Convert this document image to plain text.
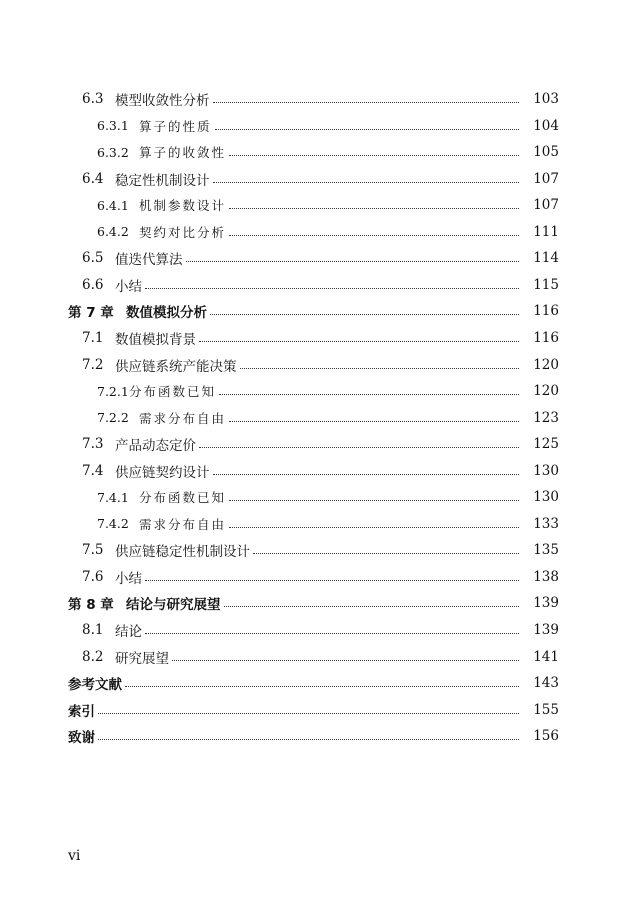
6.3 模型收敛性分析	103
6.3.1 算子的性质	104
6.3.2 算子的收敛性	105
6.4 稳定性机制设计	107
6.4.1 机制参数设计	107
6.4.2 契约对比分析	111
6.5 值迭代算法	114
6.6 小结	115
第 7 章 数值模拟分析	116
7.1 数值模拟背景	116
7.2 供应链系统产能决策	120
7.2.1 分布函数已知	120
7.2.2 需求分布自由	123
7.3 产品动态定价	125
7.4 供应链契约设计	130
7.4.1 分布函数已知	130
7.4.2 需求分布自由	133
7.5 供应链稳定性机制设计	135
7.6 小结	138
第 8 章 结论与研究展望	139
8.1 结论	139
8.2 研究展望	141
参考文献	143
索引	155
致谢	156
vi
